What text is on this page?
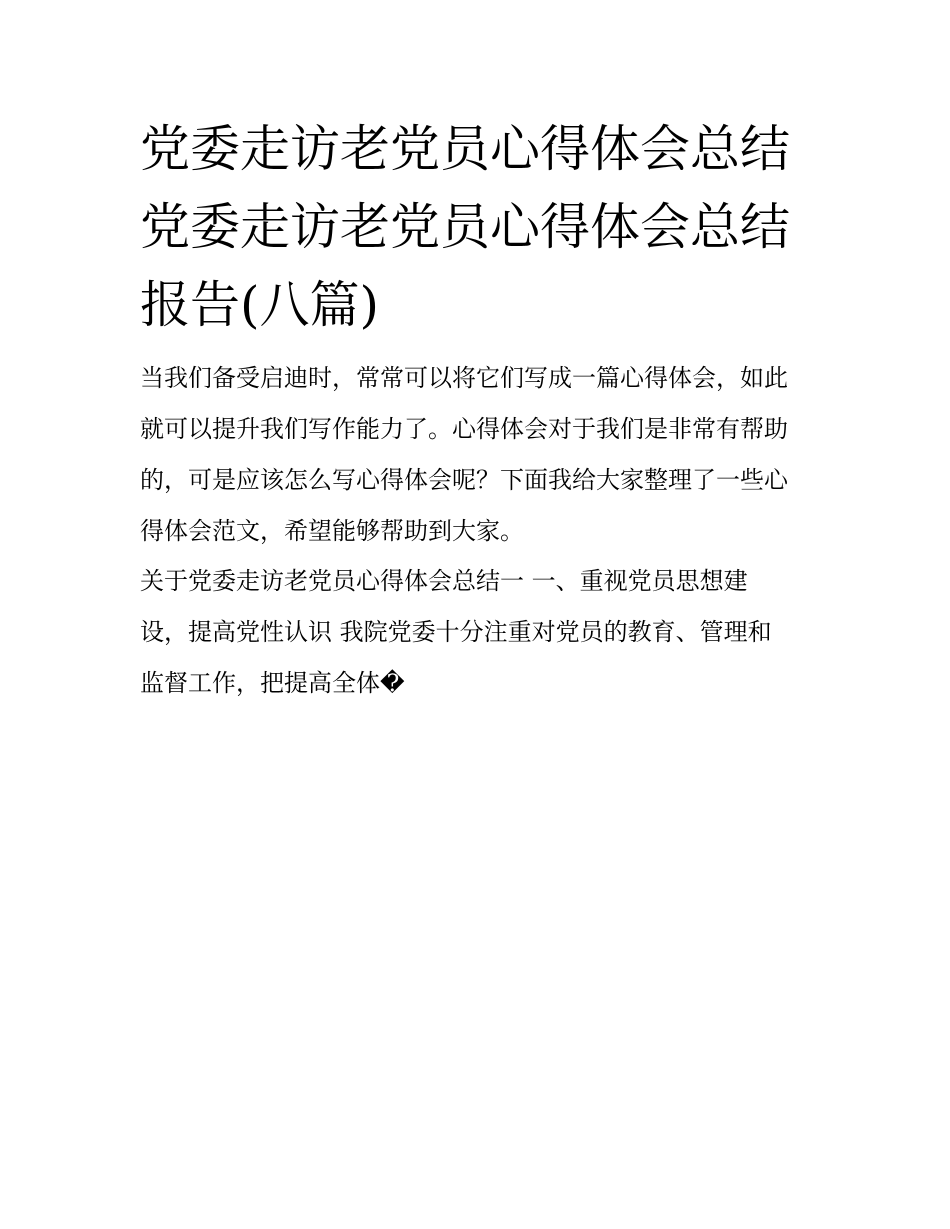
党委走访老党员心得体会总结
党委走访老党员心得体会总结
报告(八篇)

当我们备受启迪时，常常可以将它们写成一篇心得体会，如此
就可以提升我们写作能力了。心得体会对于我们是非常有帮助
的，可是应该怎么写心得体会呢？下面我给大家整理了一些心
得体会范文，希望能够帮助到大家。

关于党委走访老党员心得体会总结一 一、重视党员思想建
设，提高党性认识 我院党委十分注重对党员的教育、管理和
监督工作，把提高全体�
